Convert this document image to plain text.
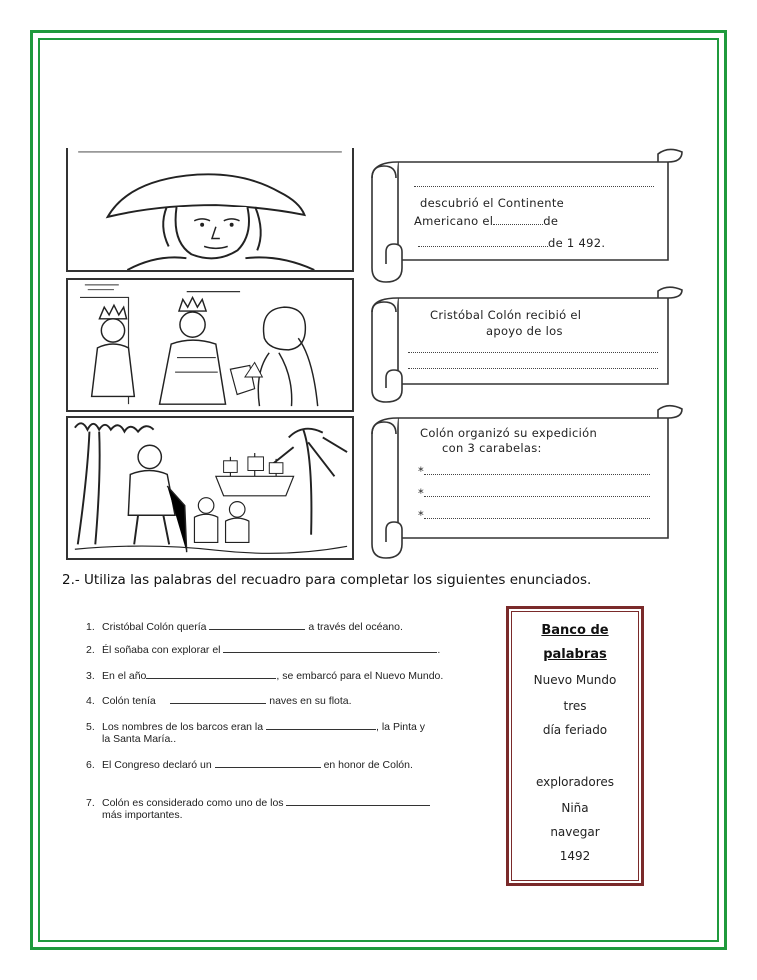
descubrió el Continente
Americano el	de
de 1 492.
Cristóbal Colón recibió el
apoyo de los
Colón organizó su expedición
con 3 carabelas:
*
*
*
2.- Utiliza las palabras del recuadro para completar los siguientes enunciados.
1. Cristóbal Colón quería	a través del océano.
2. Él soñaba con explorar el	.
3. En el año	, se embarcó para el Nuevo Mundo.
4. Colón tenía	naves en su flota.
5. Los nombres de los barcos eran la	, la Pinta y
la Santa María..
6. El Congreso declaró un	en honor de Colón.
7. Colón es considerado como uno de los
más importantes.
Banco de
palabras
Nuevo Mundo
tres
día feriado
exploradores
Niña
navegar
1492
